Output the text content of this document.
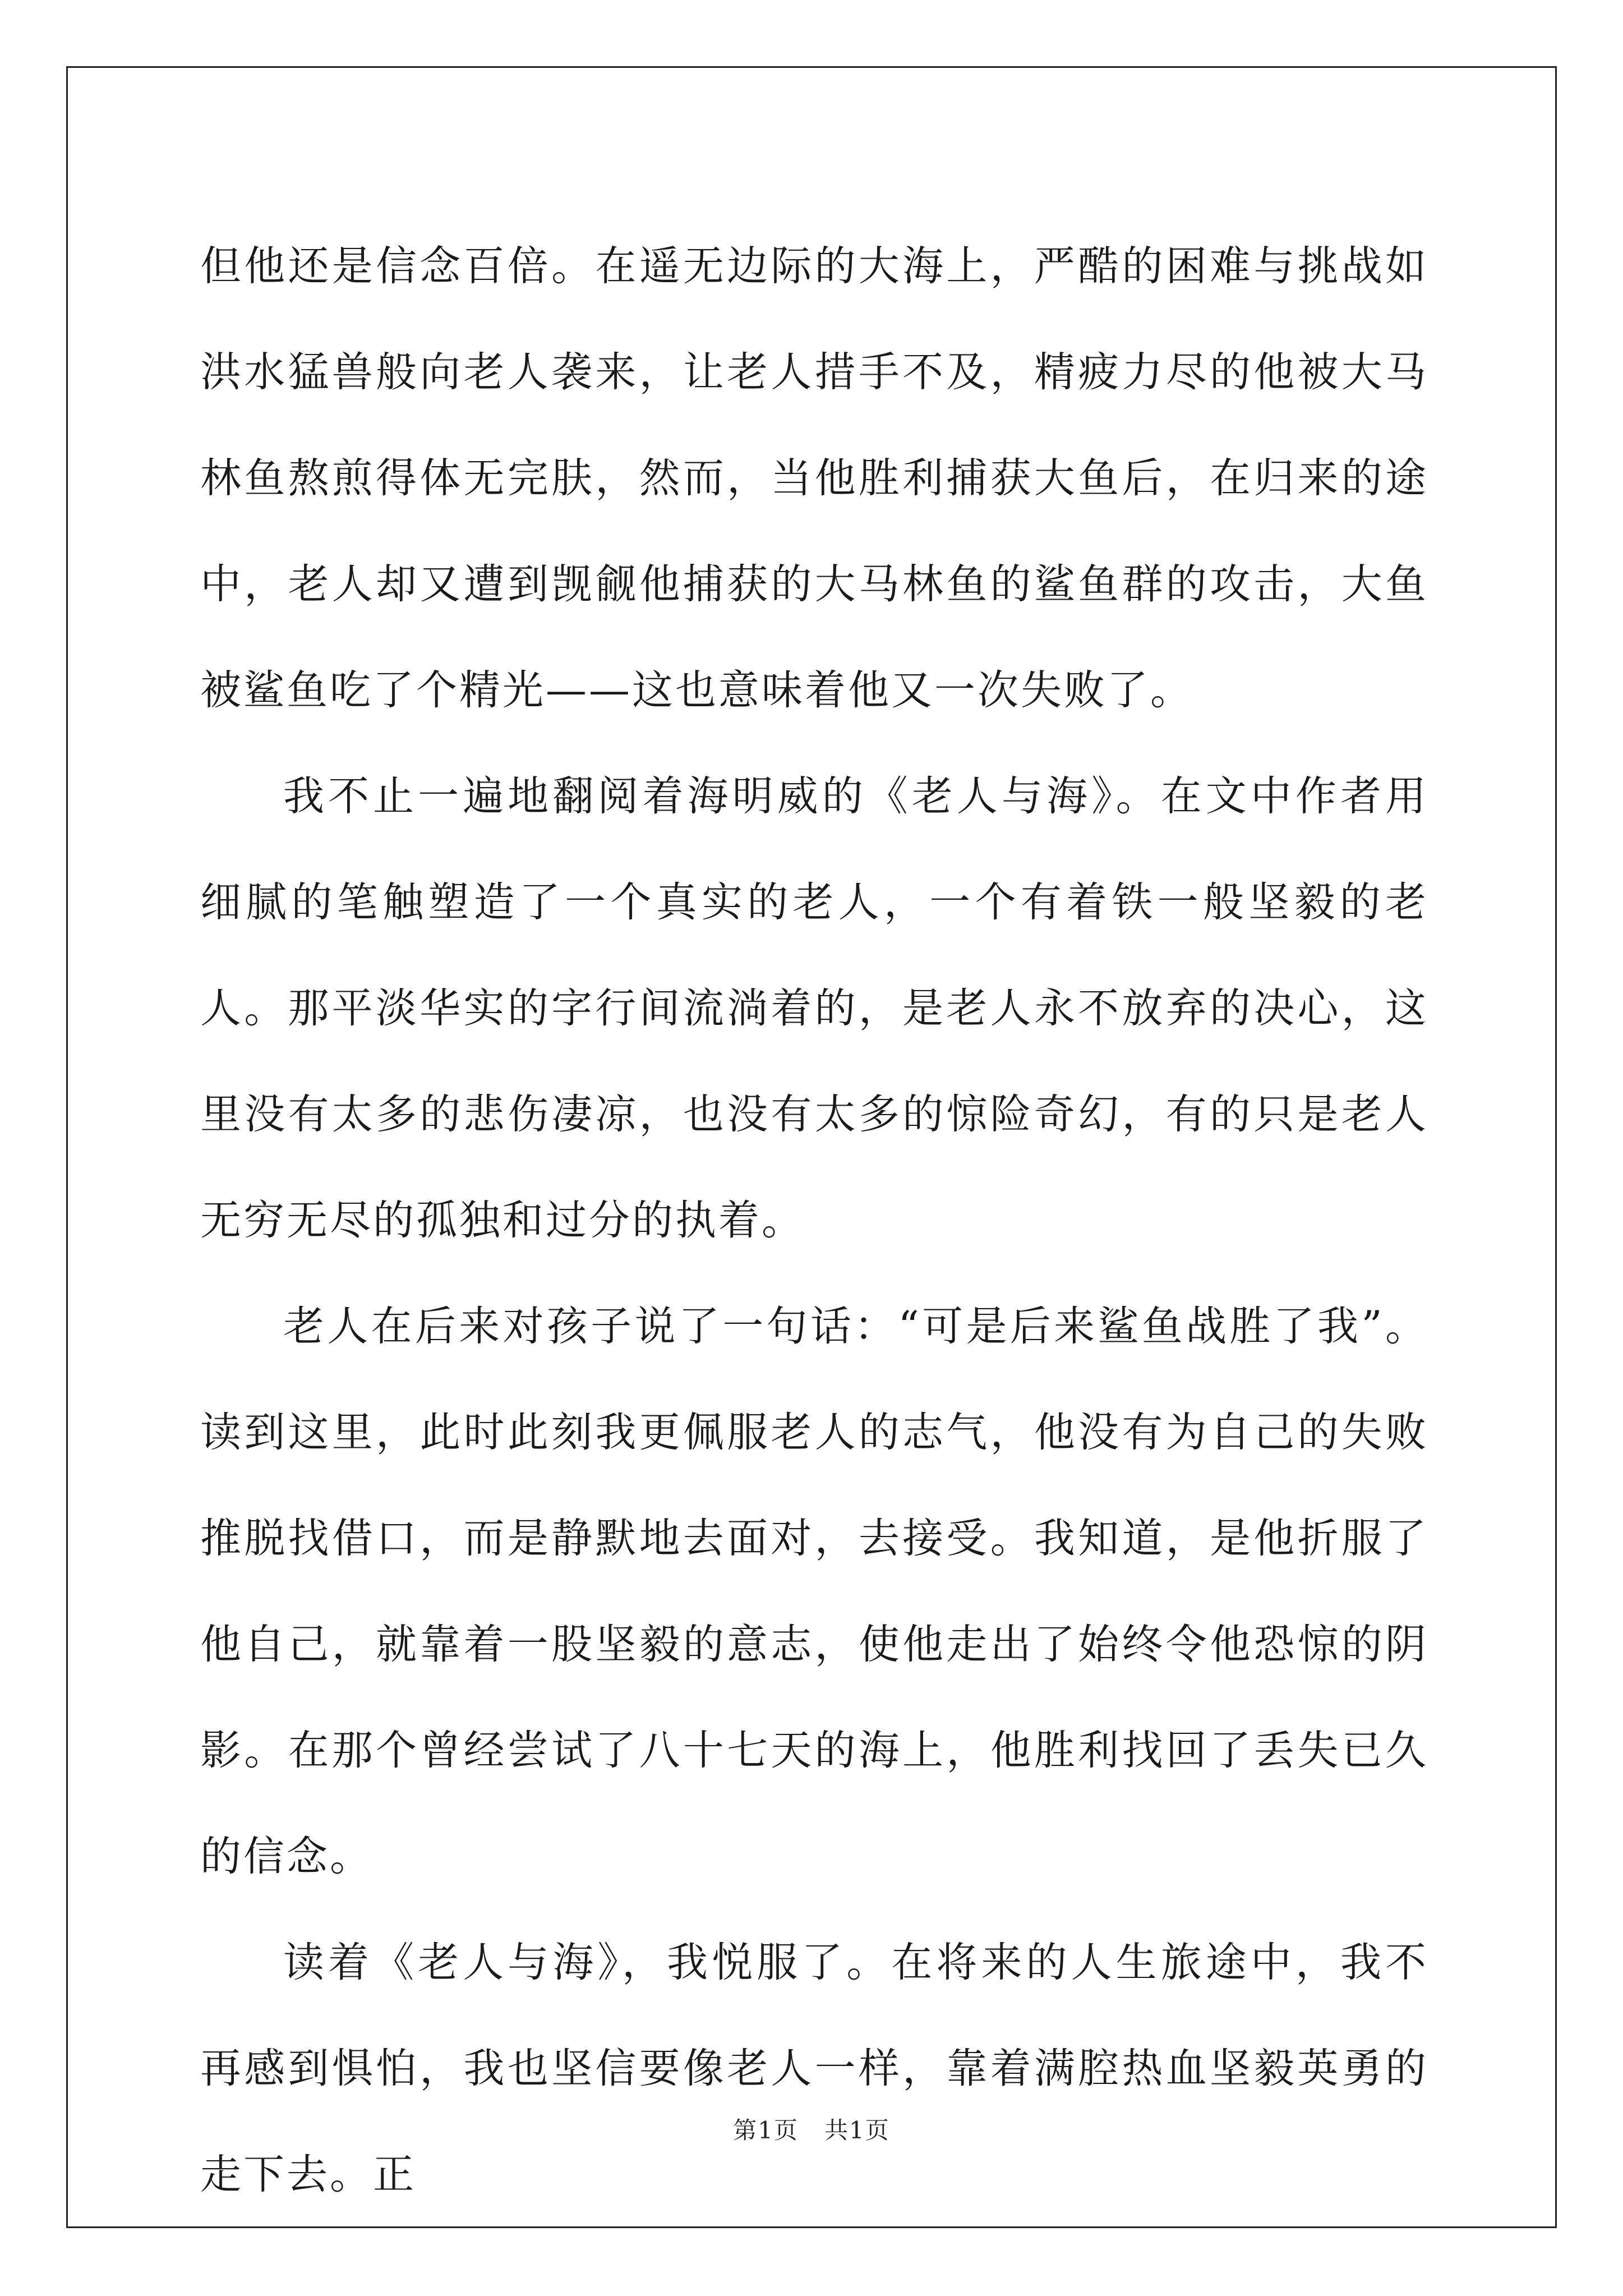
但他还是信念百倍。在遥无边际的大海上，严酷的困难与挑战如洪水猛兽般向老人袭来，让老人措手不及，精疲力尽的他被大马林鱼熬煎得体无完肤，然而，当他胜利捕获大鱼后，在归来的途中，老人却又遭到觊觎他捕获的大马林鱼的鲨鱼群的攻击，大鱼被鲨鱼吃了个精光——这也意味着他又一次失败了。

我不止一遍地翻阅着海明威的《老人与海》。在文中作者用细腻的笔触塑造了一个真实的老人，一个有着铁一般坚毅的老人。那平淡华实的字行间流淌着的，是老人永不放弃的决心，这里没有太多的悲伤凄凉，也没有太多的惊险奇幻，有的只是老人无穷无尽的孤独和过分的执着。

老人在后来对孩子说了一句话：“可是后来鲨鱼战胜了我”。读到这里，此时此刻我更佩服老人的志气，他没有为自己的失败推脱找借口，而是静默地去面对，去接受。我知道，是他折服了他自己，就靠着一股坚毅的意志，使他走出了始终令他恐惊的阴影。在那个曾经尝试了八十七天的海上，他胜利找回了丢失已久的信念。

读着《老人与海》，我悦服了。在将来的人生旅途中，我不再感到惧怕，我也坚信要像老人一样，靠着满腔热血坚毅英勇的走下去。正

第1页 共1页
